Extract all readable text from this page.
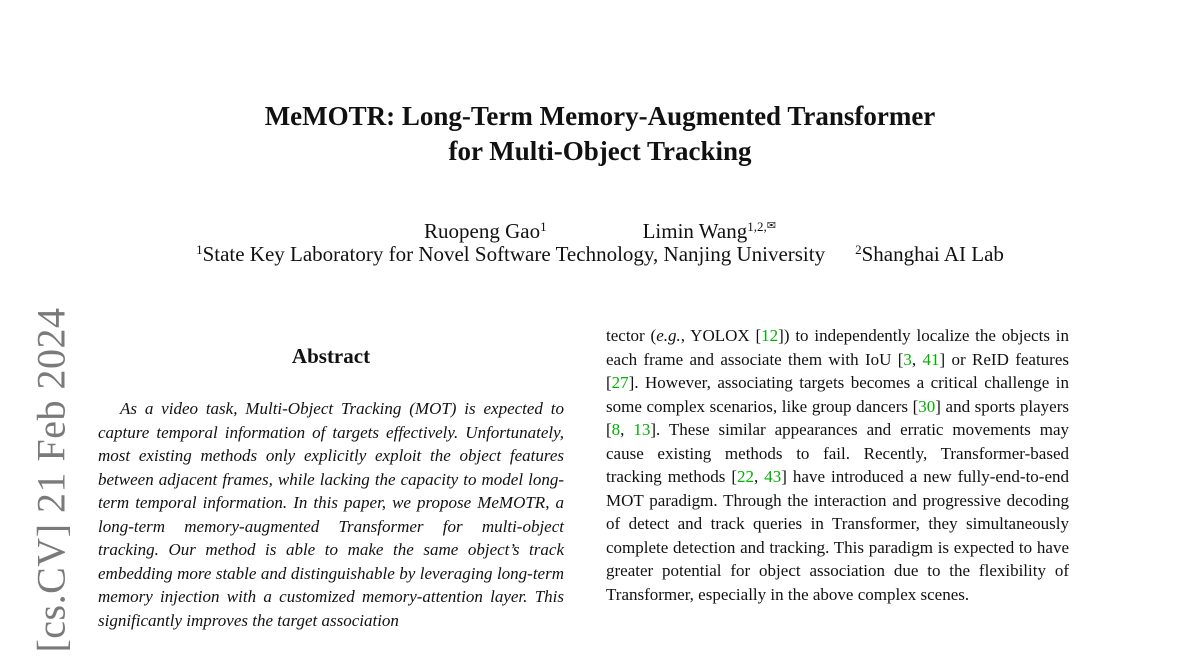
[cs.CV] 21 Feb 2024
MeMOTR: Long-Term Memory-Augmented Transformer
for Multi-Object Tracking
Ruopeng Gao$^1$	Limin Wang$^{1,2,}$✉
$^1$State Key Laboratory for Novel Software Technology, Nanjing University $^2$Shanghai AI Lab
Abstract
As a video task, Multi-Object Tracking (MOT) is expected to capture temporal information of targets effectively. Unfortunately, most existing methods only explicitly exploit the object features between adjacent frames, while lacking the capacity to model long-term temporal information. In this paper, we propose MeMOTR, a long-term memory-augmented Transformer for multi-object tracking. Our method is able to make the same object’s track embedding more stable and distinguishable by leveraging long-term memory injection with a customized memory-attention layer. This significantly improves the target association
tector (e.g., YOLOX [12]) to independently localize the objects in each frame and associate them with IoU [3, 41] or ReID features [27]. However, associating targets becomes a critical challenge in some complex scenarios, like group dancers [30] and sports players [8, 13]. These similar appearances and erratic movements may cause existing methods to fail. Recently, Transformer-based tracking methods [22, 43] have introduced a new fully-end-to-end MOT paradigm. Through the interaction and progressive decoding of detect and track queries in Transformer, they simultaneously complete detection and tracking. This paradigm is expected to have greater potential for object association due to the flexibility of Transformer, especially in the above complex scenes.
